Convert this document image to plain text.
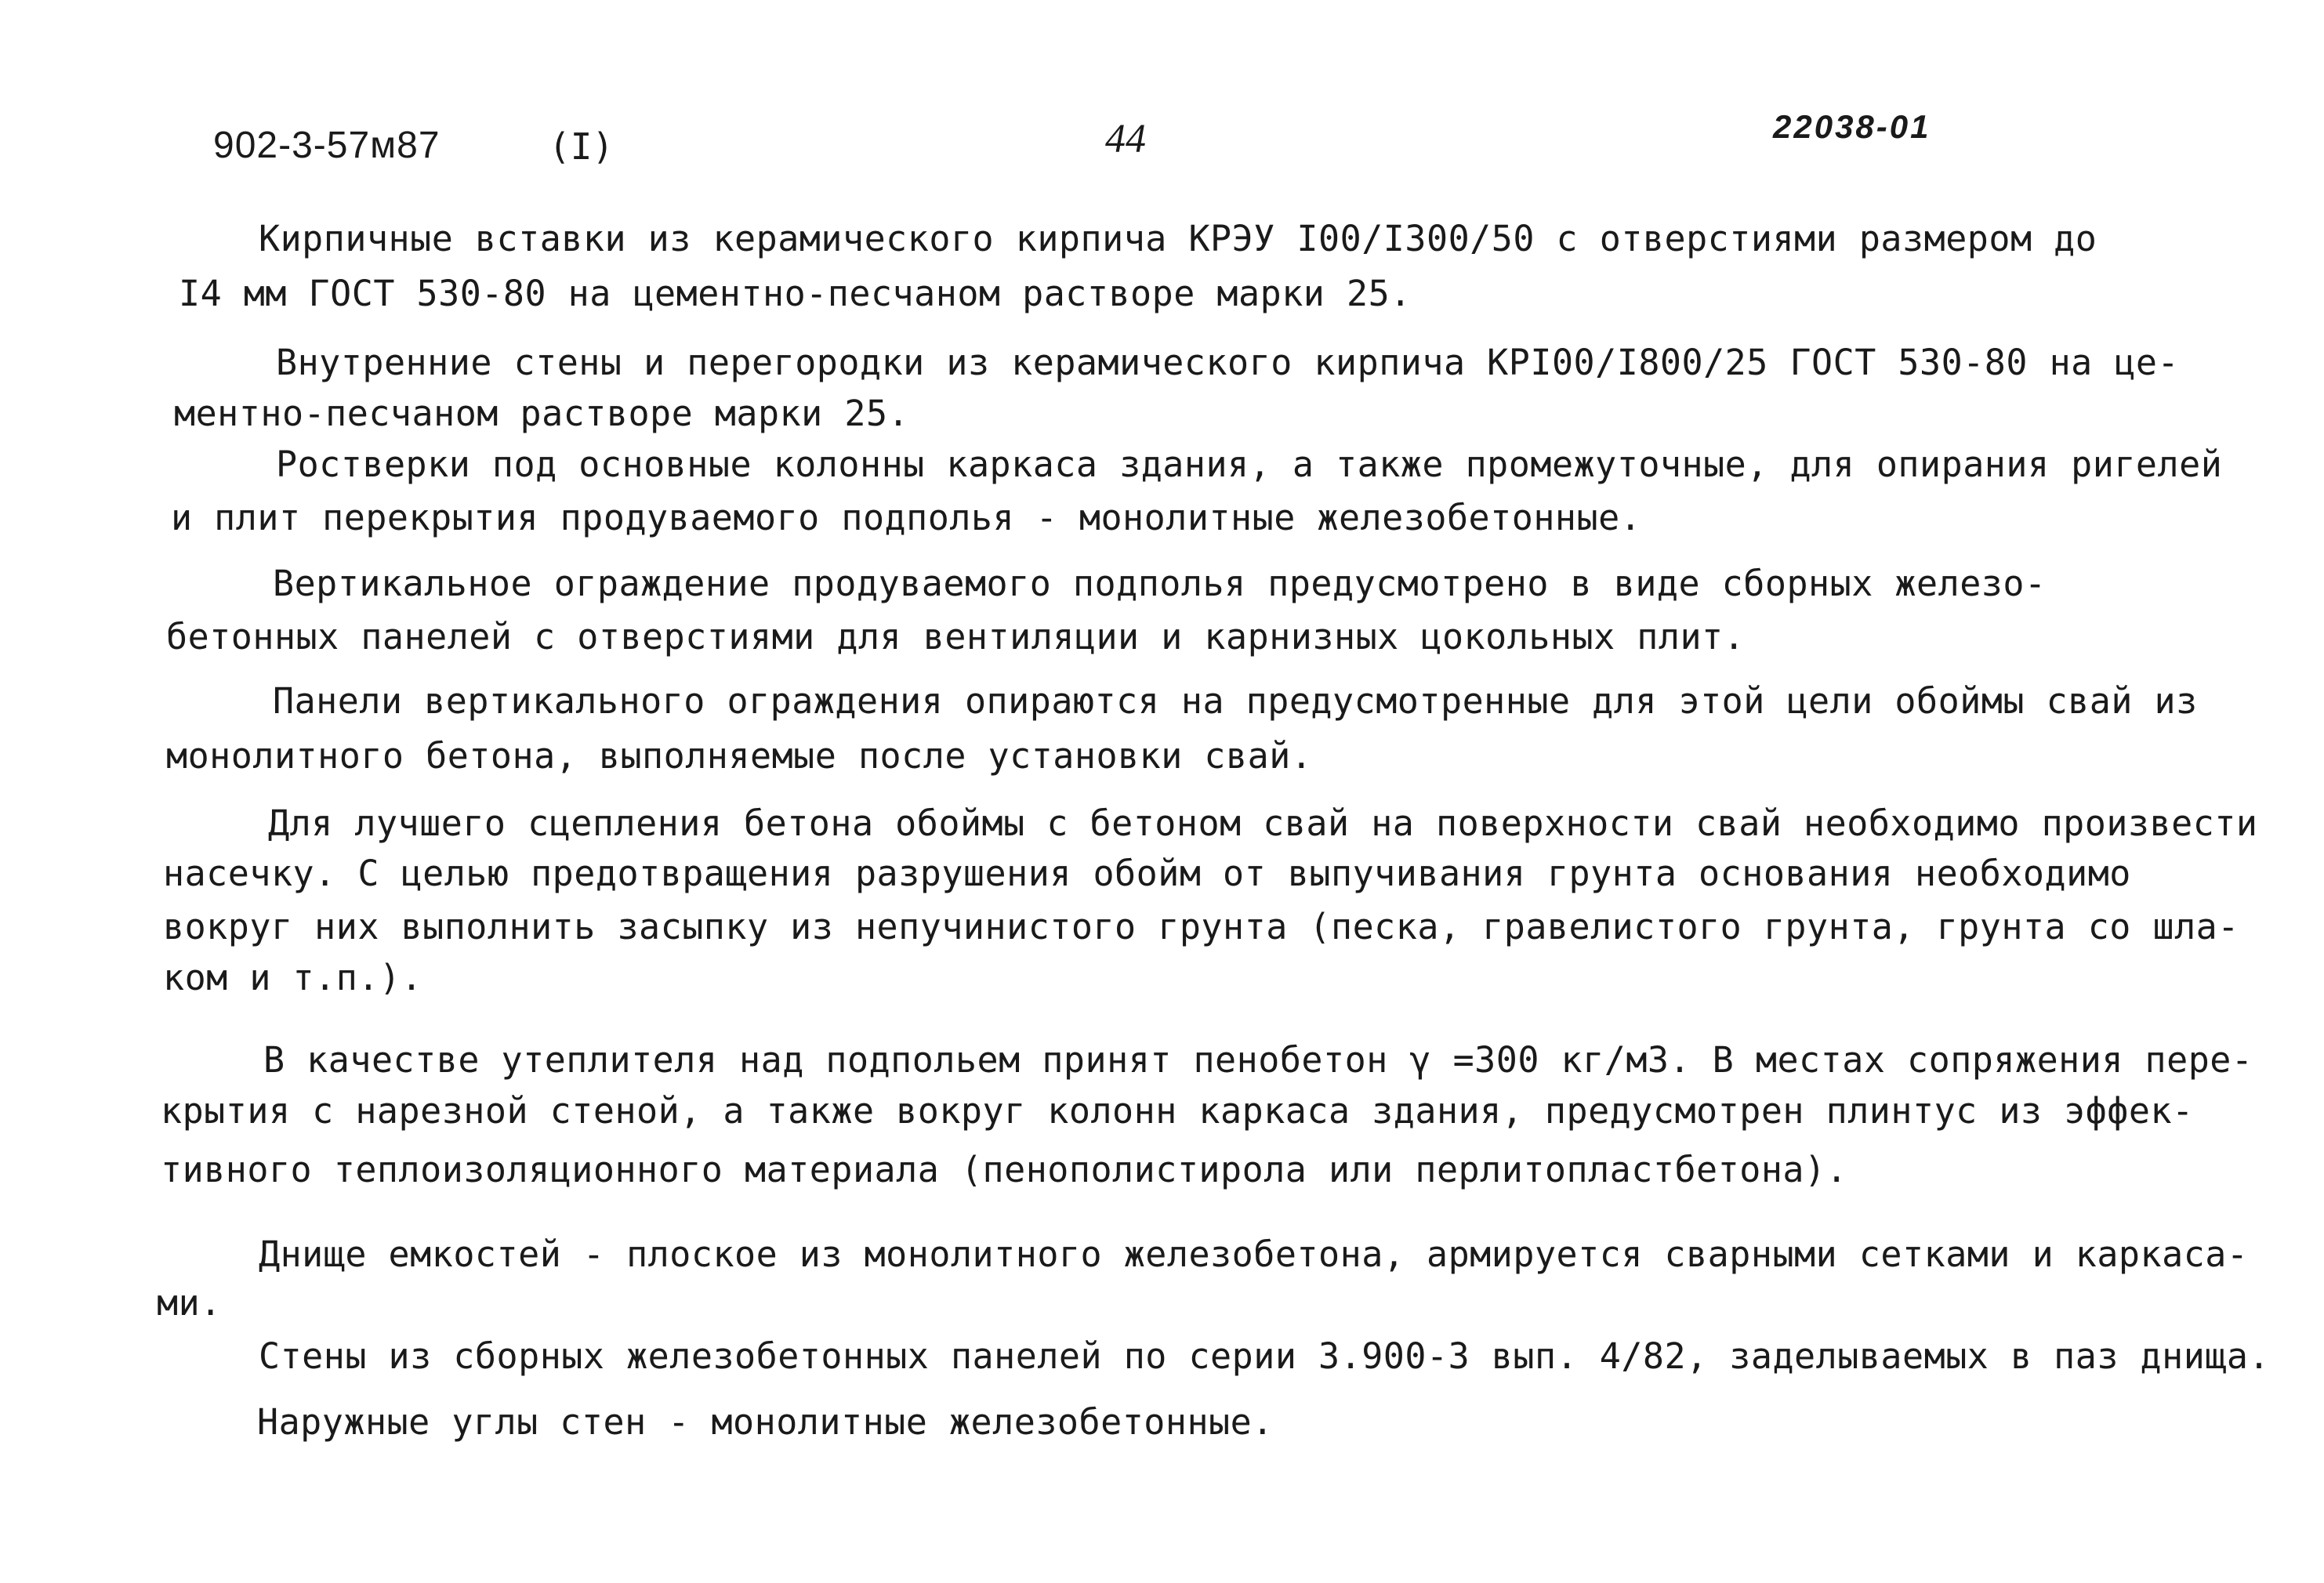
902-3-57м87	(I)	44	22038-01
Кирпичные вставки из керамического кирпича КРЭУ I00/I300/50 с отверстиями размером до
I4 мм ГОСТ 530-80 на цементно-песчаном растворе марки 25.
Внутренние стены и перегородки из керамического кирпича КРI00/I800/25 ГОСТ 530-80 на це-
ментно-песчаном растворе марки 25.
Ростверки под основные колонны каркаса здания, а также промежуточные, для опирания ригелей
и плит перекрытия продуваемого подполья - монолитные железобетонные.
Вертикальное ограждение продуваемого подполья предусмотрено в виде сборных железо-
бетонных панелей с отверстиями для вентиляции и карнизных цокольных плит.
Панели вертикального ограждения опираются на предусмотренные для этой цели обоймы свай из
монолитного бетона, выполняемые после установки свай.
Для лучшего сцепления бетона обоймы с бетоном свай на поверхности свай необходимо произвести
насечку. С целью предотвращения разрушения обойм от выпучивания грунта основания необходимо
вокруг них выполнить засыпку из непучинистого грунта (песка, гравелистого грунта, грунта со шла-
ком и т.п.).
В качестве утеплителя над подпольем принят пенобетон γ =300 кг/м3. В местах сопряжения пере-
крытия с нарезной стеной, а также вокруг колонн каркаса здания, предусмотрен плинтус из эффек-
тивного теплоизоляционного материала (пенополистирола или перлитопластбетона).
Днище емкостей - плоское из монолитного железобетона, армируется сварными сетками и каркаса-
ми.
Стены из сборных железобетонных панелей по серии 3.900-3 вып. 4/82, заделываемых в паз днища.
Наружные углы стен - монолитные железобетонные.
